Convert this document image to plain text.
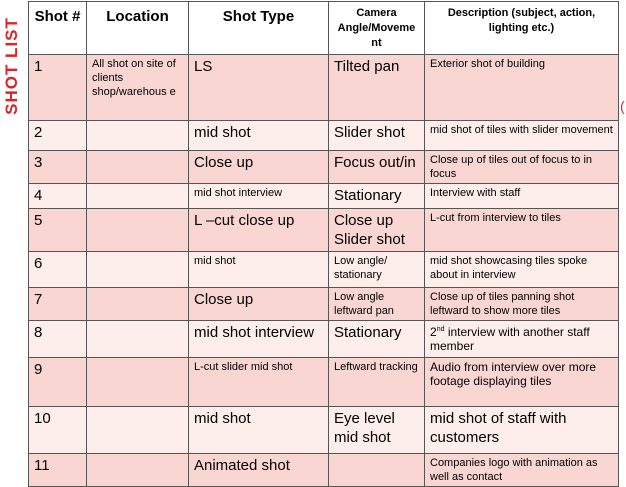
SHOT LIST	(
Shot #	Location	Shot Type	Camera Angle/Moveme nt	Description (subject, action, lighting etc.)
1	All shot on site of clients shop/warehous e	LS	Tilted pan	Exterior shot of building
2		mid shot	Slider shot	mid shot of tiles with slider movement
3		Close up	Focus out/in	Close up of tiles out of focus to in focus
4		mid shot interview	Stationary	Interview with staff
5		L –cut close up	Close up Slider shot	L-cut from interview to tiles
6		mid shot	Low angle/ stationary	mid shot showcasing tiles spoke about in interview
7		Close up	Low angle leftward pan	Close up of tiles panning shot leftward to show more tiles
8		mid shot interview	Stationary	2nd interview with another staff member
9		L-cut slider mid shot	Leftward tracking	Audio from interview over more footage displaying tiles
10		mid shot	Eye level mid shot	mid shot of staff with customers
11		Animated shot		Companies logo with animation as well as contact
